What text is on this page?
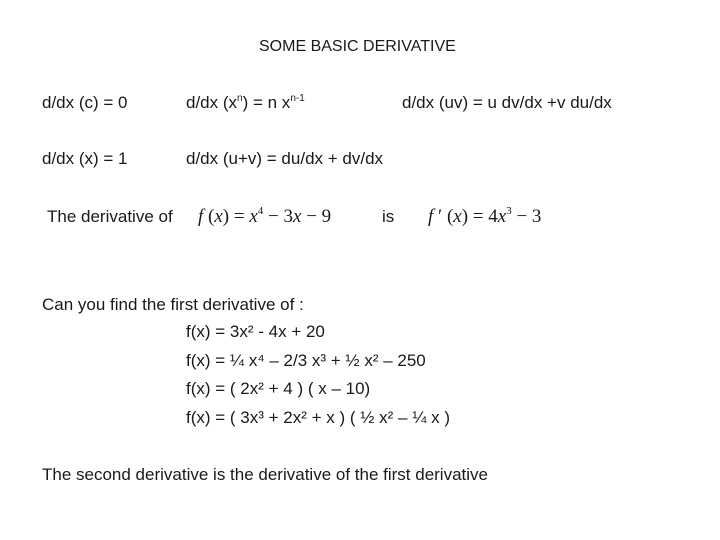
SOME BASIC DERIVATIVE
d/dx (c) = 0	d/dx $(x^n) = n$ $x^{n-1}$	d/dx (uv) = u dv/dx +v du/dx
d/dx (x) = 1	d/dx (u+v) = du/dx + dv/dx
The derivative of f $(x) = x^4 - 3x - 9$	is f ′ $(x) = 4x^3 - 3$
Can you find the first derivative of :
f(x) = 3x² - 4x + 20
f(x) = ¼ x⁴ – 2/3 x³ + ½ x² – 250
f(x) = ( 2x² + 4 ) ( x – 10)
f(x) = ( 3x³ + 2x² + x ) ( ½ x² – ¼ x )
The second derivative is the derivative of the first derivative
